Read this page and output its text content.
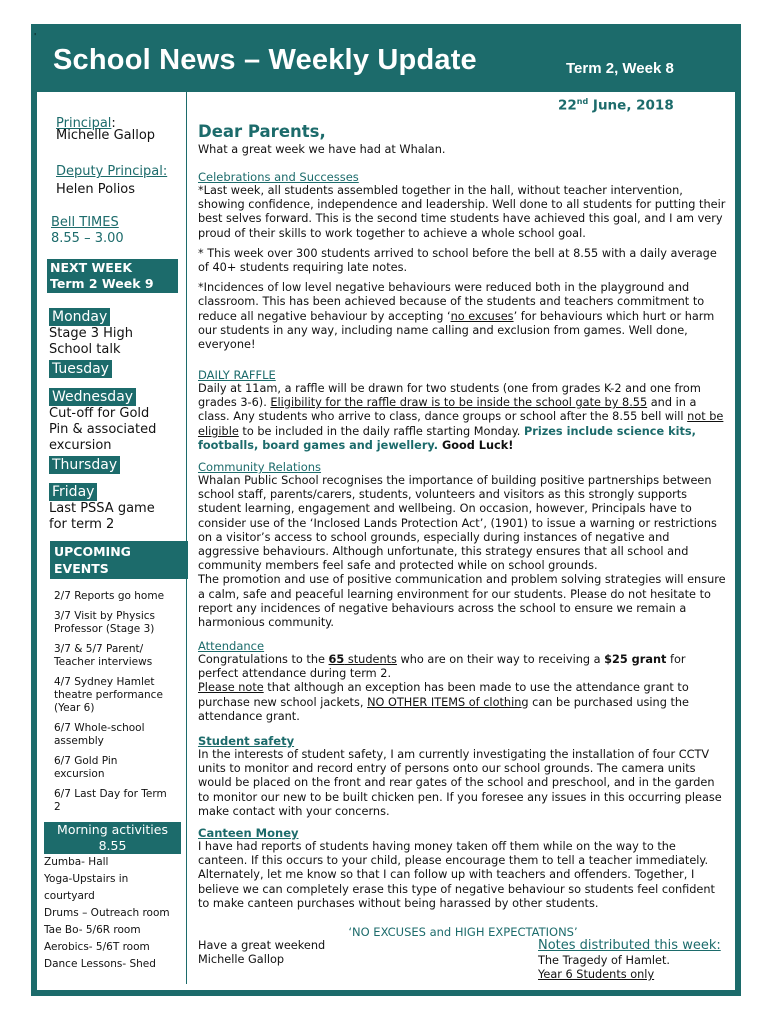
School News – Weekly Update	Term 2, Week 8
'
Principal:
Michelle Gallop
Deputy Principal:
Helen Polios
Bell TIMES
8.55 – 3.00
NEXT WEEK
Term 2 Week 9
Monday
Stage 3 High
School talk
Tuesday
Wednesday
Cut-off for Gold
Pin & associated
excursion
Thursday
Friday
Last PSSA game
for term 2
UPCOMING
EVENTS
2/7 Reports go home
3/7 Visit by Physics
Professor (Stage 3)
3/7 & 5/7 Parent/
Teacher interviews
4/7 Sydney Hamlet
theatre performance
(Year 6)
6/7 Whole-school
assembly
6/7 Gold Pin
excursion
6/7 Last Day for Term
2
Morning activities
8.55
Zumba- Hall
Yoga-Upstairs in
courtyard
Drums – Outreach room
Tae Bo- 5/6R room
Aerobics- 5/6T room
Dance Lessons- Shed
22nd June, 2018
Dear Parents,
What a great week we have had at Whalan.
Celebrations and Successes
*Last week, all students assembled together in the hall, without teacher intervention, showing confidence, independence and leadership. Well done to all students for putting their best selves forward. This is the second time students have achieved this goal, and I am very proud of their skills to work together to achieve a whole school goal.
* This week over 300 students arrived to school before the bell at 8.55 with a daily average of 40+ students requiring late notes.
*Incidences of low level negative behaviours were reduced both in the playground and classroom. This has been achieved because of the students and teachers commitment to reduce all negative behaviour by accepting ‘no excuses’ for behaviours which hurt or harm our students in any way, including name calling and exclusion from games. Well done, everyone!
DAILY RAFFLE
Daily at 11am, a raffle will be drawn for two students (one from grades K-2 and one from grades 3-6). Eligibility for the raffle draw is to be inside the school gate by 8.55 and in a class. Any students who arrive to class, dance groups or school after the 8.55 bell will not be eligible to be included in the daily raffle starting Monday. Prizes include science kits, footballs, board games and jewellery. Good Luck!
Community Relations
Whalan Public School recognises the importance of building positive partnerships between school staff, parents/carers, students, volunteers and visitors as this strongly supports student learning, engagement and wellbeing. On occasion, however, Principals have to consider use of the ‘Inclosed Lands Protection Act’, (1901) to issue a warning or restrictions on a visitor’s access to school grounds, especially during instances of negative and aggressive behaviours. Although unfortunate, this strategy ensures that all school and community members feel safe and protected while on school grounds.
The promotion and use of positive communication and problem solving strategies will ensure a calm, safe and peaceful learning environment for our students. Please do not hesitate to report any incidences of negative behaviours across the school to ensure we remain a harmonious community.
Attendance
Congratulations to the 65 students who are on their way to receiving a $25 grant for perfect attendance during term 2.
Please note that although an exception has been made to use the attendance grant to purchase new school jackets, NO OTHER ITEMS of clothing can be purchased using the attendance grant.
Student safety
In the interests of student safety, I am currently investigating the installation of four CCTV units to monitor and record entry of persons onto our school grounds. The camera units would be placed on the front and rear gates of the school and preschool, and in the garden to monitor our new to be built chicken pen. If you foresee any issues in this occurring please make contact with your concerns.
Canteen Money
I have had reports of students having money taken off them while on the way to the canteen. If this occurs to your child, please encourage them to tell a teacher immediately. Alternately, let me know so that I can follow up with teachers and offenders. Together, I believe we can completely erase this type of negative behaviour so students feel confident to make canteen purchases without being harassed by other students.
‘NO EXCUSES and HIGH EXPECTATIONS’
Have a great weekend
Michelle Gallop
Notes distributed this week:
The Tragedy of Hamlet.
Year 6 Students only
